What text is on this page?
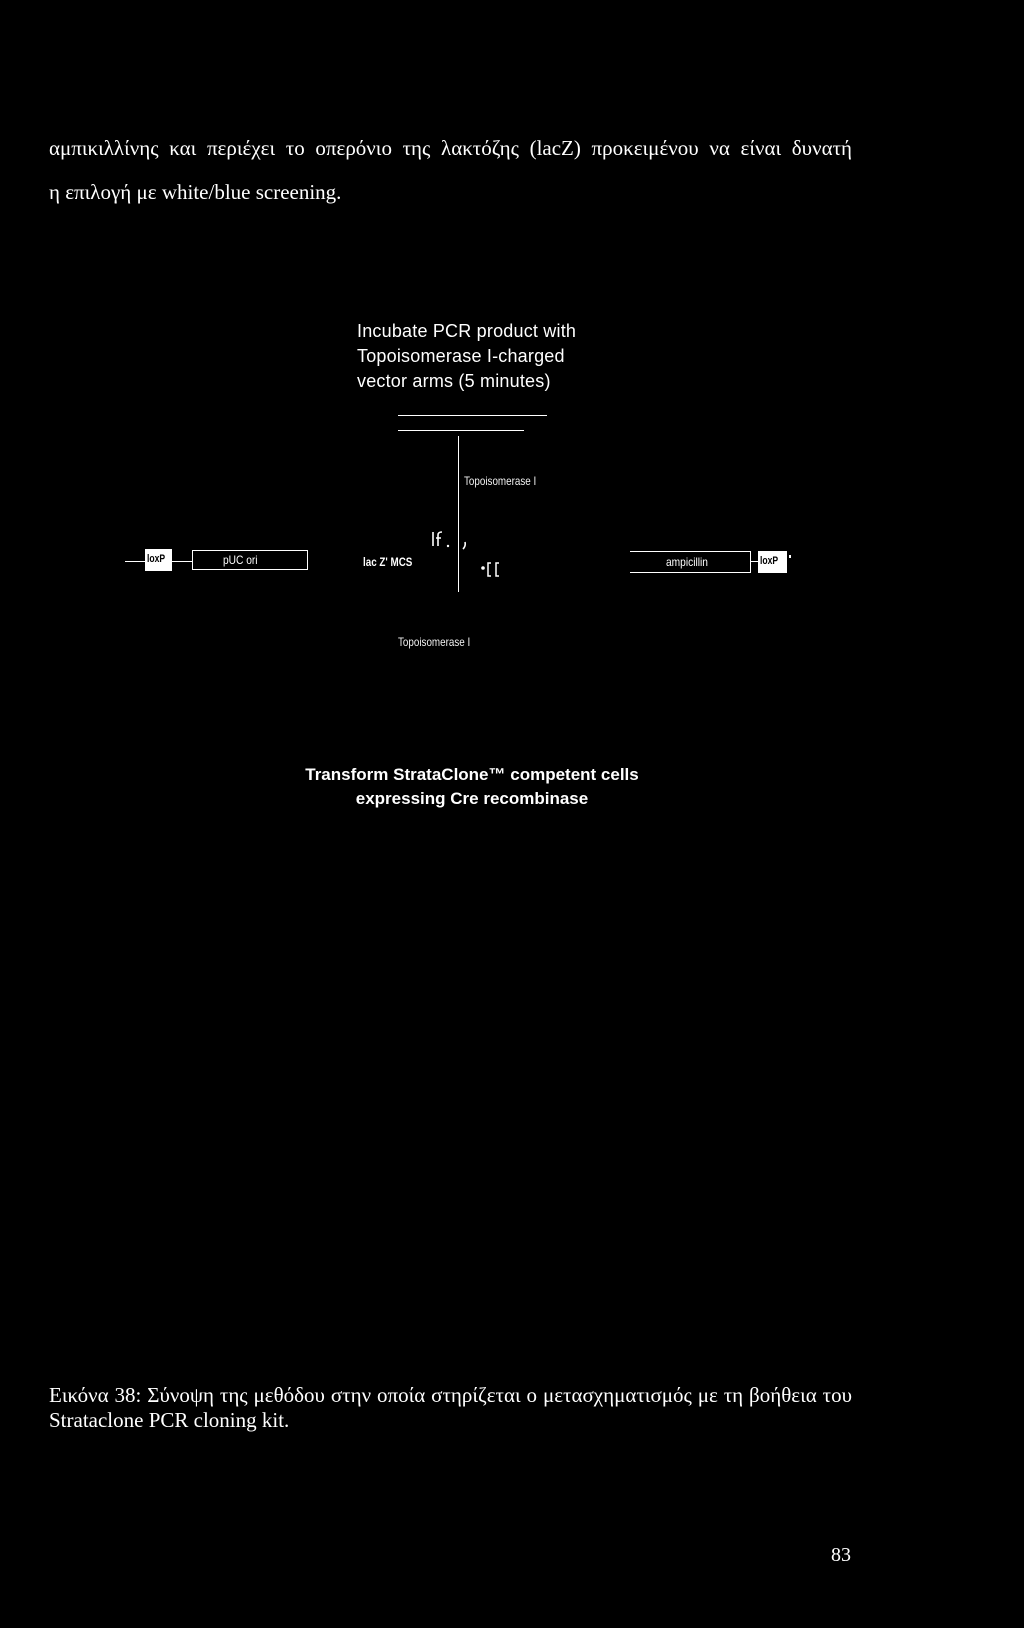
αμπικιλλίνης και περιέχει το οπερόνιο της λακτόζης (lacZ) προκειμένου να είναι δυνατή
η επιλογή με white/blue screening.
Incubate PCR product with
Topoisomerase I-charged
vector arms (5 minutes)
Topoisomerase I
loxP	pUC ori	lac Z' MCS	ampicillin	loxP
Topoisomerase I
Transform StrataClone™ competent cells
expressing Cre recombinase
Εικόνα 38: Σύνοψη της μεθόδου στην οποία στηρίζεται ο μετασχηματισμός με τη βοήθεια του
Strataclone PCR cloning kit.
83
